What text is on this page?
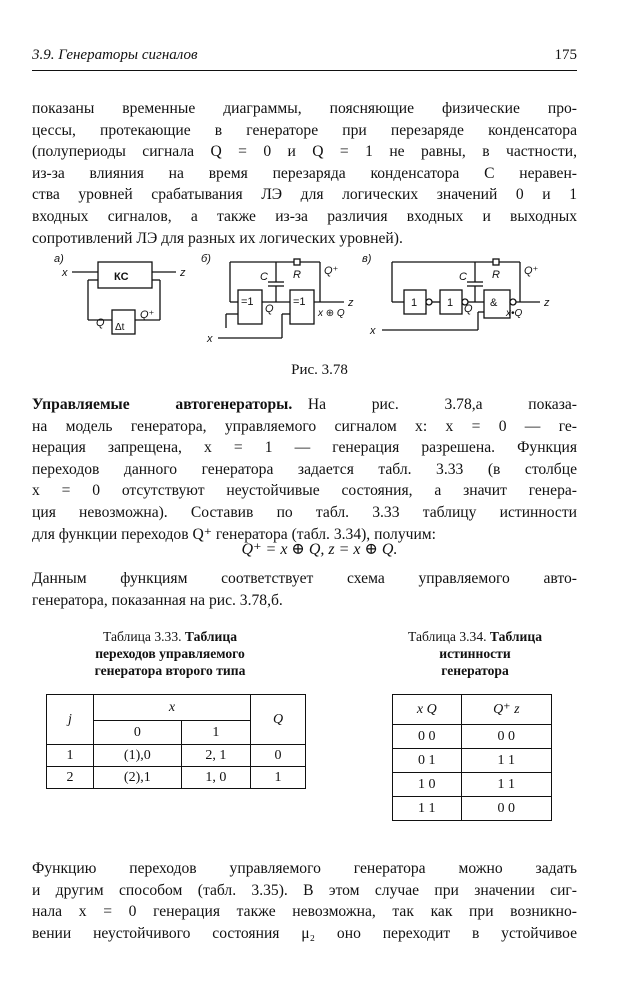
3.9. Генераторы сигналов	175
показаны временные диаграммы, поясняющие физические про-
цессы, протекающие в генераторе при перезаряде конденсатора
(полупериоды сигнала Q = 0 и Q = 1 не равны, в частности,
из-за влияния на время перезаряда конденсатора C неравен-
ства уровней срабатывания ЛЭ для логических значений 0 и 1
входных сигналов, а также из-за различия входных и выходных
сопротивлений ЛЭ для разных их логических уровней).
а)
x	КС	z
Q
Q⁺
Δt
б)
C R Q⁺
=1	=1
Q	z
x ⊕ Q
x
в)
C R Q⁺
1	1	&
Q	z
x•Q
x
Рис. 3.78
Управляемые автогенераторы.  На рис. 3.78,а показа-
на модель генератора, управляемого сигналом x: x = 0 — ге-
нерация запрещена, x = 1 — генерация разрешена. Функция
переходов данного генератора задается табл. 3.33 (в столбце
x = 0 отсутствуют неустойчивые состояния, а значит генера-
ция невозможна). Составив по табл. 3.33 таблицу истинности
для функции переходов Q⁺ генератора (табл. 3.34), получим:
Q⁺ = x ⊕ Q, z = x ⊕ Q.
Данным функциям соответствует схема управляемого авто-
генератора, показанная на рис. 3.78,б.
Таблица 3.33. Таблица
переходов управляемого
генератора второго типа
Таблица 3.34. Таблица
истинности
генератора
j	x		Q
	0	1	
1	(1),0	2, 1	0
2	(2),1	1, 0	1
x Q	Q⁺ z
0 0	0 0
0 1	1 1
1 0	1 1
1 1	0 0
Функцию переходов управляемого генератора можно задать
и другим способом (табл. 3.35). В этом случае при значении сиг-
нала x = 0 генерация также невозможна, так как при возникно-
вении неустойчивого состояния μ₂ оно переходит в устойчивое
